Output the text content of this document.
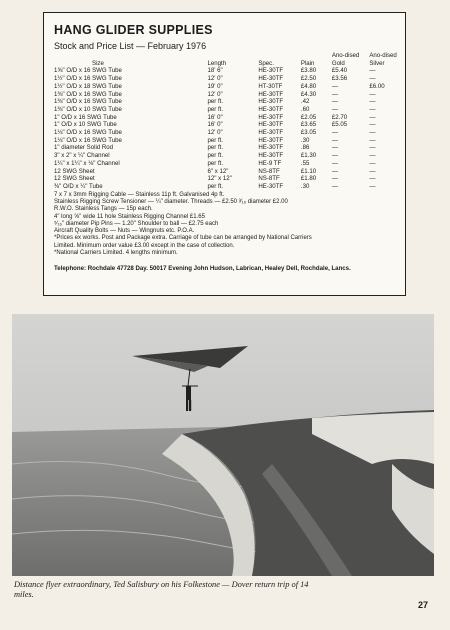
HANG GLIDER SUPPLIES
Stock and Price List — February 1976
Size	Length	Spec.	Plain	Ano-dised Gold	Ano-dised Silver
1⅝" O/D x 16 SWG Tube	18' 6"	HE-30TF	£3.80	£5.40	—
1½" O/D x 16 SWG Tube	12' 0"	HE-30TF	£2.50	£3.56	—
1½" O/D x 18 SWG Tube	19' 0"	HT-30TF	£4.80	—	£6.00
1⅜" O/D x 16 SWG Tube	12' 0"	HE-30TF	£4.30	—	—
1⅜" O/D x 16 SWG Tube	per ft.	HE-30TF	.42	—	—
1⅜" O/D x 10 SWG Tube	per ft.	HE-30TF	.60	—	—
1" O/D x 16 SWG Tube	16' 0"	HE-30TF	£2.05	£2.70	—
1" O/D x 10 SWG Tube	16' 0"	HE-30TF	£3.65	£5.05	—
1⅛" O/D x 16 SWG Tube	12' 0"	HE-30TF	£3.05	—	—
1⅛" O/D x 16 SWG Tube	per ft.	HE-30TF	.30	—	—
1" diameter Solid Rod	per ft.	HE-30TF	.86	—	—
3" x 2" x ¼" Channel	per ft.	HE-30TF	£1.30	—	—
1¼" x 1¼" x ⅛" Channel	per ft.	HE-9 TF	.55	—	—
12 SWG Sheet	6" x 12"	NS-8TF	£1.10	—	—
12 SWG Sheet	12" x 12"	NS-8TF	£1.80	—	—
⅜" O/D x ¼" Tube	per ft.	HE-30TF	.30	—	—
7 x 7 x 3mm Rigging Cable — Stainless 11p ft. Galvanised 4p ft.
Stainless Rigging Screw Tensioner — ¼" diameter. Threads — £2.50 ³⁄₁₆ diameter £2.00
R.W.O. Stainless Tangs — 15p each.
4" long ⅝" wide 11 hole Stainless Rigging Channel £1.65
⁵⁄₁₆" diameter Pip Pins — 1.20" Shoulder to ball — £2.75 each
Aircraft Quality Bolts — Nuts — Wingnuts etc. P.O.A.
*Prices ex works. Post and Package extra. Carriage of tube can be arranged by National Carriers
Limited. Minimum order value £3.00 except in the case of collection.
*National Carriers Limited. 4 lengths minimum.
Telephone: Rochdale 47728 Day. 50017 Evening John Hudson, Labrican, Healey Dell, Rochdale, Lancs.
Distance flyer extraordinary, Ted Salisbury on his Folkestone — Dover return trip of 14 miles.
27
